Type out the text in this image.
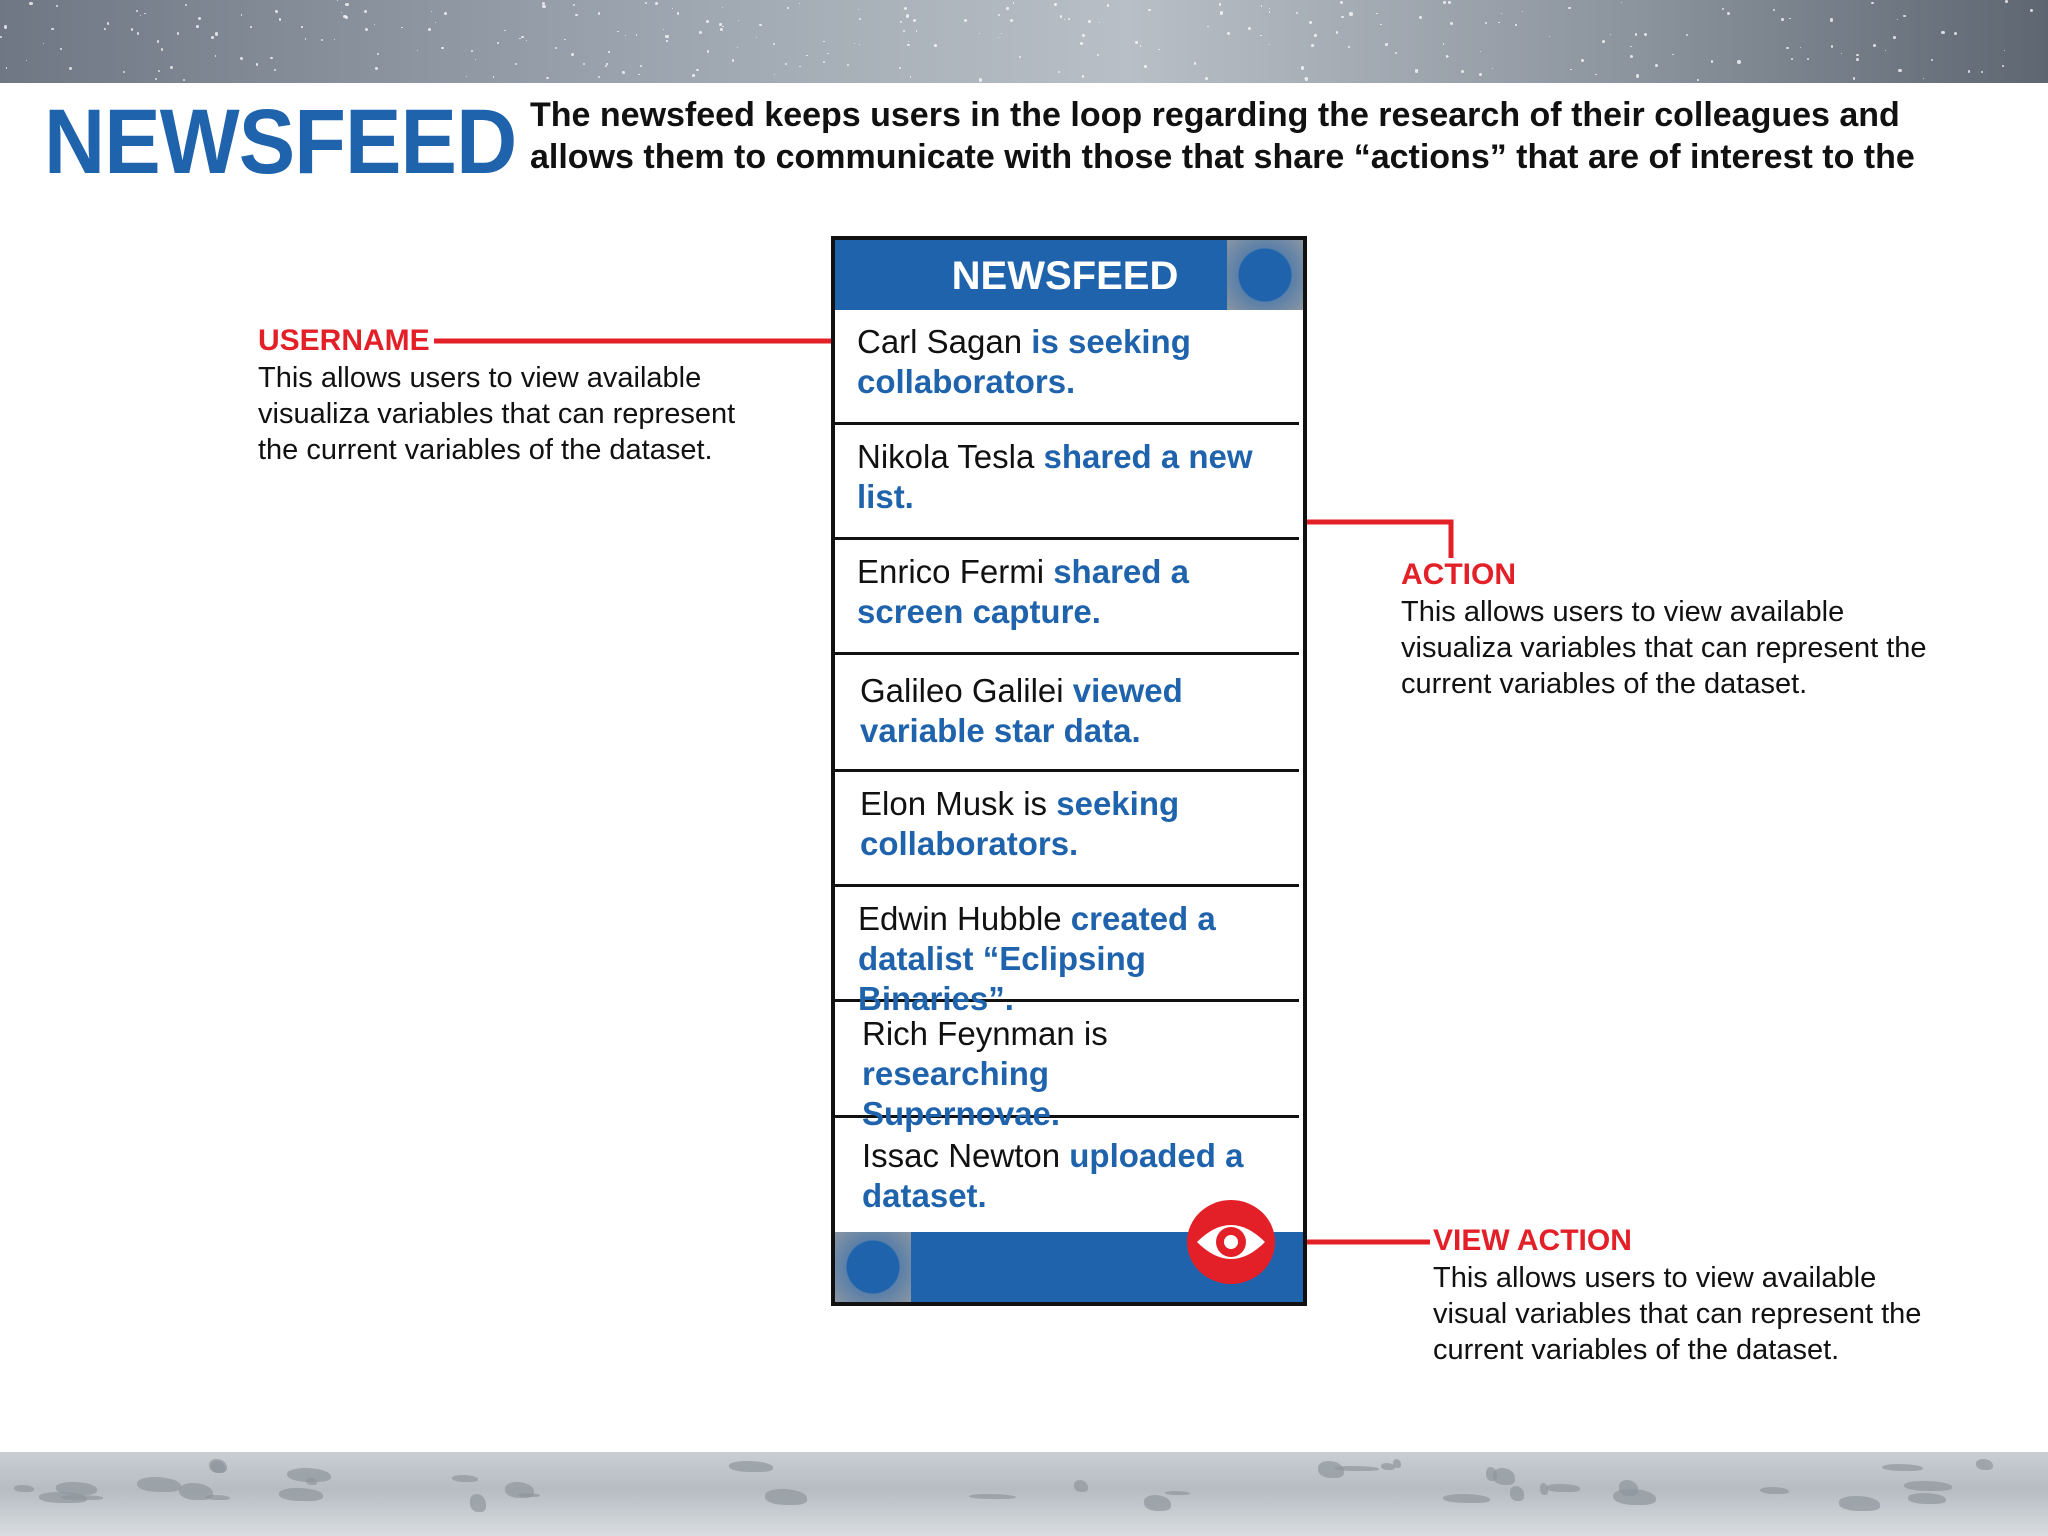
NEWSFEED The newsfeed keeps users in the loop regarding the research of their colleagues and
allows them to communicate with those that share “actions” that are of interest to the
NEWSFEED
Carl Sagan is seeking collaborators.
Nikola Tesla shared a new list.
Enrico Fermi shared a screen capture.
Galileo Galilei viewed variable star data.
Elon Musk is seeking collaborators.
Edwin Hubble created a datalist “Eclipsing Binaries”.
Rich Feynman is researching Supernovae.
Issac Newton uploaded a dataset.
USERNAME
This allows users to view available
visualiza variables that can represent
the current variables of the dataset.
ACTION
This allows users to view available
visualiza variables that can represent the
current variables of the dataset.
VIEW ACTION
This allows users to view available
visual variables that can represent the
current variables of the dataset.
